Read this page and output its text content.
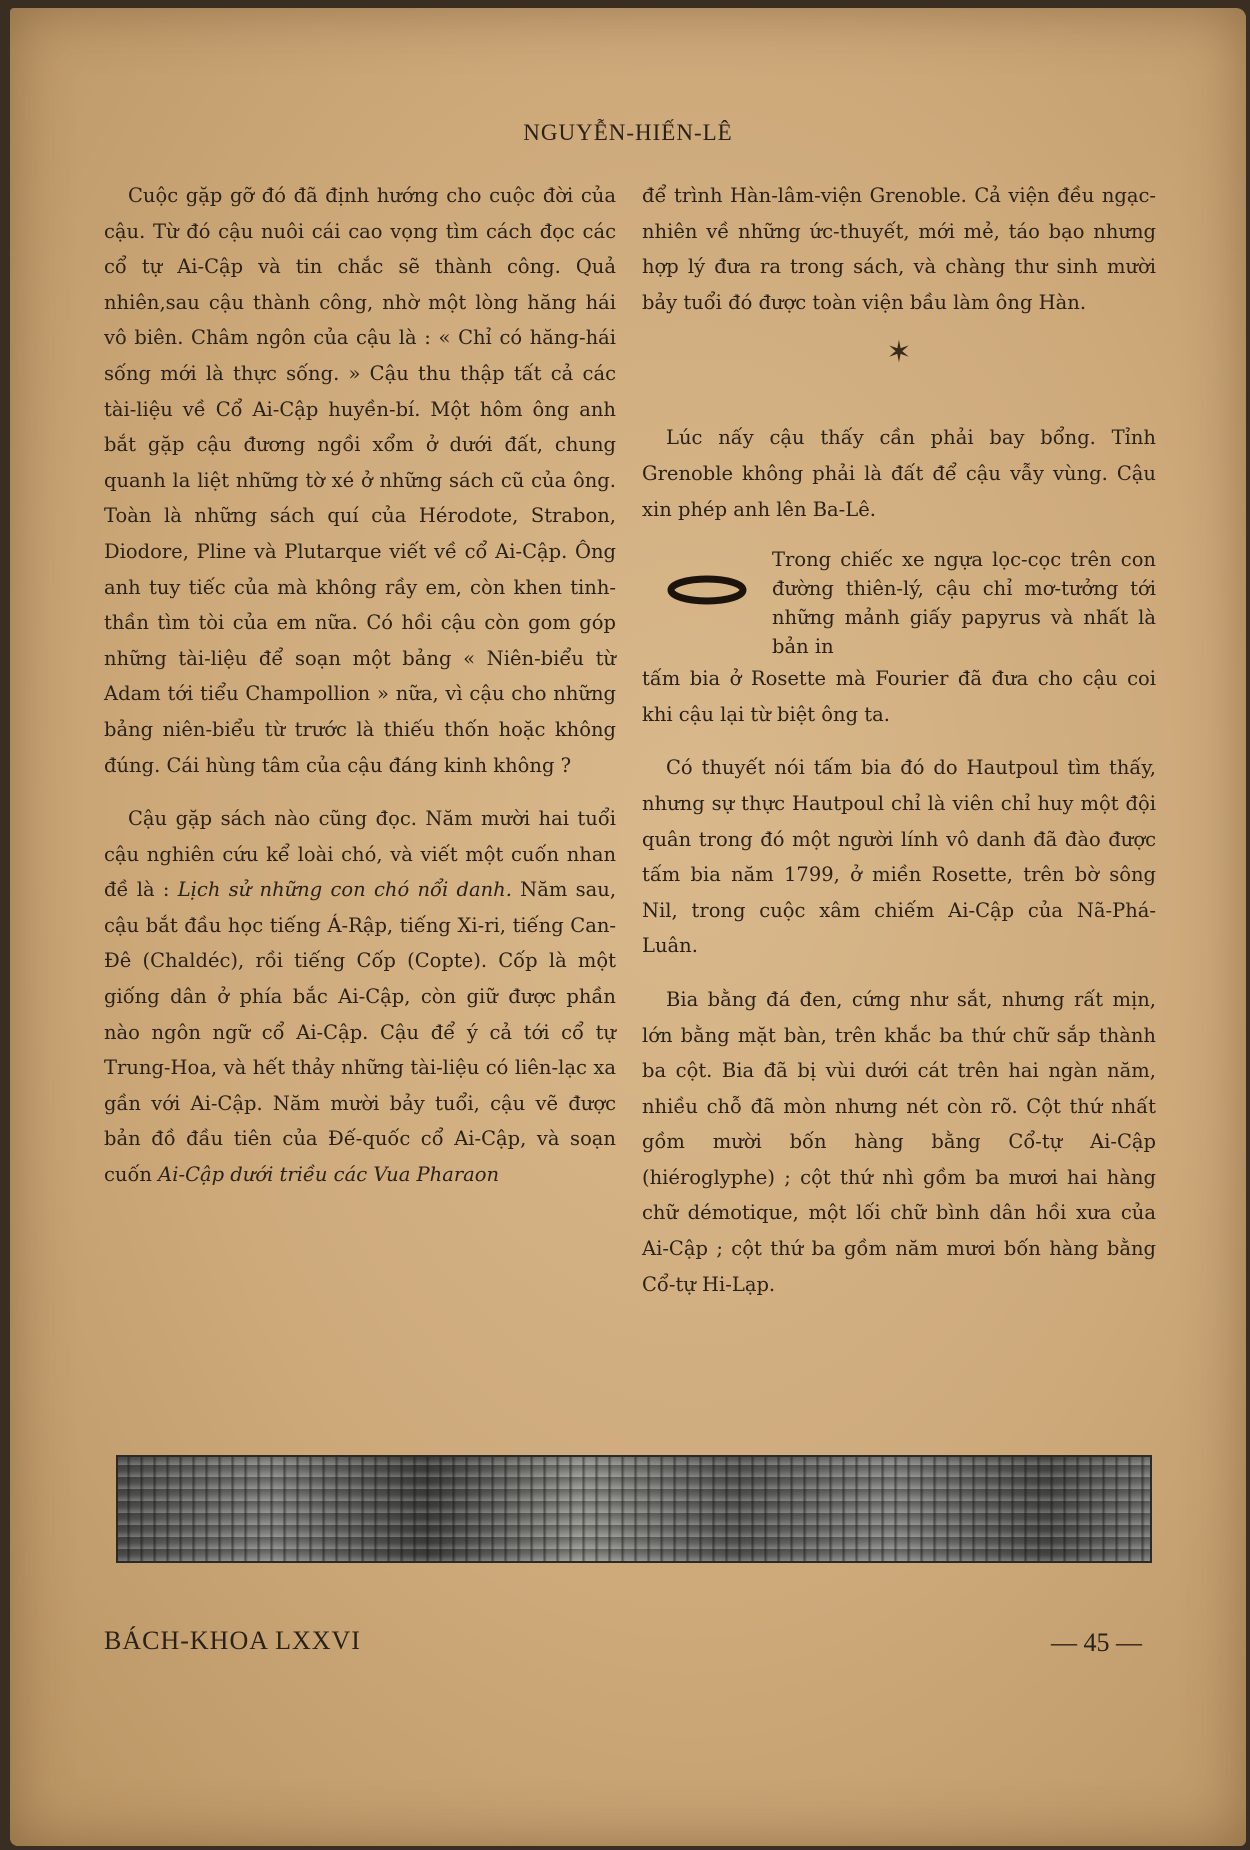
NGUYỄN-HIẾN-LÊ

Cuộc gặp gỡ đó đã định hướng cho cuộc đời của cậu. Từ đó cậu nuôi cái cao vọng tìm cách đọc các cổ tự Ai-Cập và tin chắc sẽ thành công. Quả nhiên,sau cậu thành công, nhờ một lòng hăng hái vô biên. Châm ngôn của cậu là : « Chỉ có hăng-hái sống mới là thực sống. » Cậu thu thập tất cả các tài-liệu về Cổ Ai-Cập huyền-bí. Một hôm ông anh bắt gặp cậu đương ngồi xổm ở dưới đất, chung quanh la liệt những tờ xé ở những sách cũ của ông. Toàn là những sách quí của Hérodote, Strabon, Diodore, Pline và Plutarque viết về cổ Ai-Cập. Ông anh tuy tiếc của mà không rầy em, còn khen tinh-thần tìm tòi của em nữa. Có hồi cậu còn gom góp những tài-liệu để soạn một bảng « Niên-biểu từ Adam tới tiểu Champollion » nữa, vì cậu cho những bảng niên-biểu từ trước là thiếu thốn hoặc không đúng. Cái hùng tâm của cậu đáng kinh không ?

Cậu gặp sách nào cũng đọc. Năm mười hai tuổi cậu nghiên cứu kể loài chó, và viết một cuốn nhan đề là : Lịch sử những con chó nổi danh. Năm sau, cậu bắt đầu học tiếng Á-Rập, tiếng Xi-ri, tiếng Can-Đê (Chaldéc), rồi tiếng Cốp (Copte). Cốp là một giống dân ở phía bắc Ai-Cập, còn giữ được phần nào ngôn ngữ cổ Ai-Cập. Cậu để ý cả tới cổ tự Trung-Hoa, và hết thảy những tài-liệu có liên-lạc xa gần với Ai-Cập. Năm mười bảy tuổi, cậu vẽ được bản đồ đầu tiên của Đế-quốc cổ Ai-Cập, và soạn cuốn Ai-Cập dưới triều các Vua Pharaon

để trình Hàn-lâm-viện Grenoble. Cả viện đều ngạc-nhiên về những ức-thuyết, mới mẻ, táo bạo nhưng hợp lý đưa ra trong sách, và chàng thư sinh mười bảy tuổi đó được toàn viện bầu làm ông Hàn.

✶

Lúc nấy cậu thấy cần phải bay bổng. Tỉnh Grenoble không phải là đất để cậu vẫy vùng. Cậu xin phép anh lên Ba-Lê.

Trong chiếc xe ngựa lọc-cọc trên con đường thiên-lý, cậu chỉ mơ-tưởng tới những mảnh giấy papyrus và nhất là bản in

tấm bia ở Rosette mà Fourier đã đưa cho cậu coi khi cậu lại từ biệt ông ta.

Có thuyết nói tấm bia đó do Hautpoul tìm thấy, nhưng sự thực Hautpoul chỉ là viên chỉ huy một đội quân trong đó một người lính vô danh đã đào được tấm bia năm 1799, ở miền Rosette, trên bờ sông Nil, trong cuộc xâm chiếm Ai-Cập của Nã-Phá-Luân.

Bia bằng đá đen, cứng như sắt, nhưng rất mịn, lớn bằng mặt bàn, trên khắc ba thứ chữ sắp thành ba cột. Bia đã bị vùi dưới cát trên hai ngàn năm, nhiều chỗ đã mòn nhưng nét còn rõ. Cột thứ nhất gồm mười bốn hàng bằng Cổ-tự Ai-Cập (hiéroglyphe) ; cột thứ nhì gồm ba mươi hai hàng chữ démotique, một lối chữ bình dân hồi xưa của Ai-Cập ; cột thứ ba gồm năm mươi bốn hàng bằng Cổ-tự Hi-Lạp.

BÁCH-KHOA LXXVI	— 45 —
